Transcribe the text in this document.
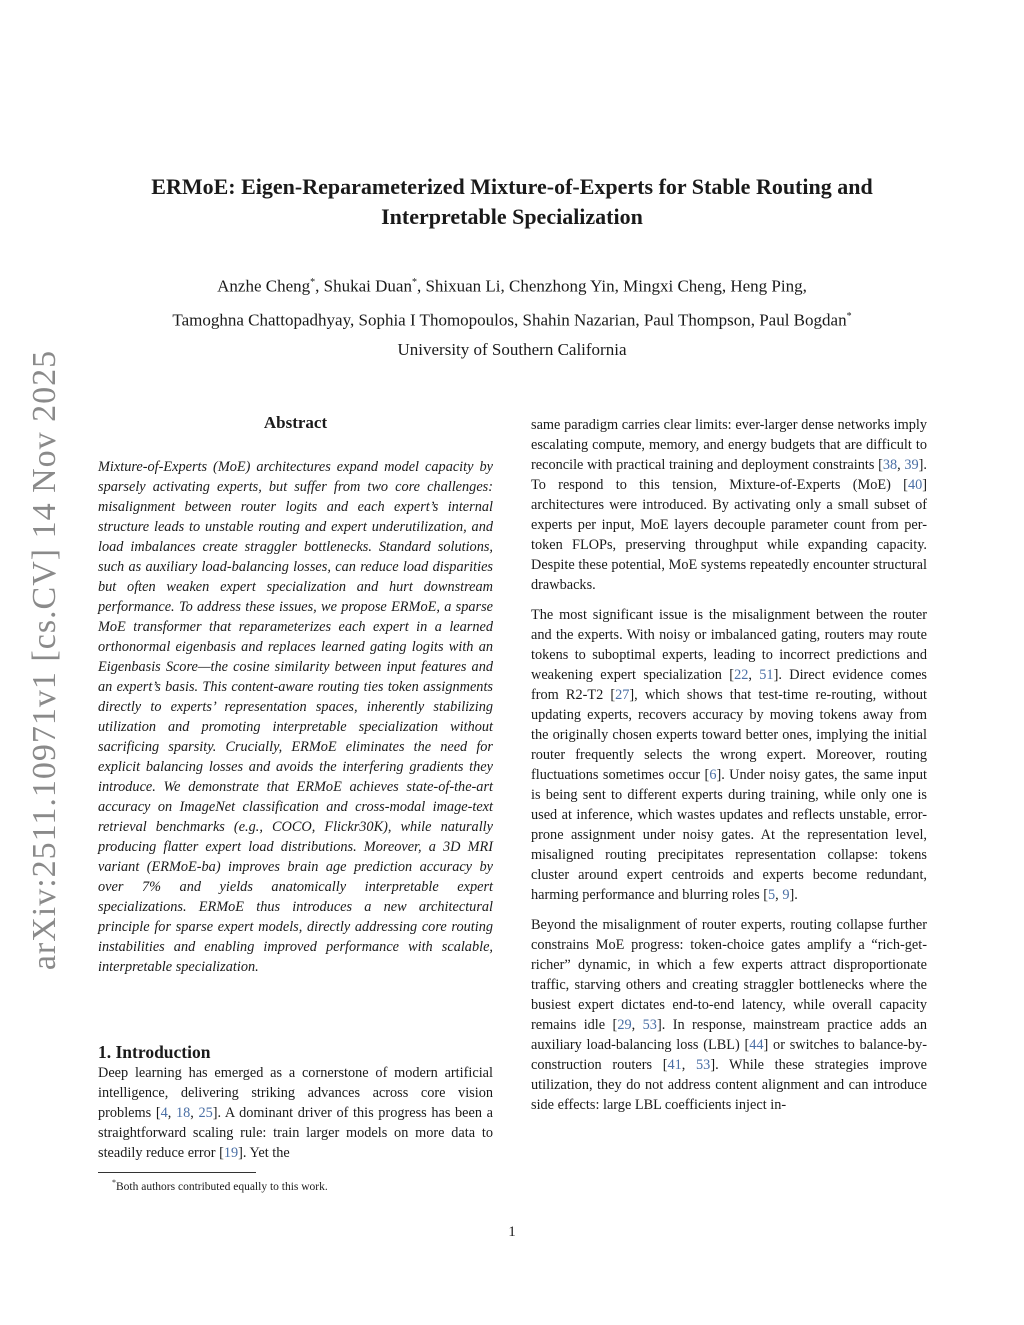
ERMoE: Eigen-Reparameterized Mixture-of-Experts for Stable Routing and
Interpretable Specialization
Anzhe Cheng*, Shukai Duan*, Shixuan Li, Chenzhong Yin, Mingxi Cheng, Heng Ping,
Tamoghna Chattopadhyay, Sophia I Thomopoulos, Shahin Nazarian, Paul Thompson, Paul Bogdan*
University of Southern California
arXiv:2511.10971v1 [cs.CV] 14 Nov 2025	Abstract
Mixture-of-Experts (MoE) architectures expand model capacity by sparsely activating experts, but suffer from two core challenges: misalignment between router logits and each expert’s internal structure leads to unstable routing and expert underutilization, and load imbalances create straggler bottlenecks. Standard solutions, such as auxiliary load-balancing losses, can reduce load disparities but often weaken expert specialization and hurt downstream performance. To address these issues, we propose ERMoE, a sparse MoE transformer that reparameterizes each expert in a learned orthonormal eigenbasis and replaces learned gating logits with an Eigenbasis Score—the cosine similarity between input features and an expert’s basis. This content-aware routing ties token assignments directly to experts’ representation spaces, inherently stabilizing utilization and promoting interpretable specialization without sacrificing sparsity. Crucially, ERMoE eliminates the need for explicit balancing losses and avoids the interfering gradients they introduce. We demonstrate that ERMoE achieves state-of-the-art accuracy on ImageNet classification and cross-modal image-text retrieval benchmarks (e.g., COCO, Flickr30K), while naturally producing flatter expert load distributions. Moreover, a 3D MRI variant (ERMoE-ba) improves brain age prediction accuracy by over 7% and yields anatomically interpretable expert specializations. ERMoE thus introduces a new architectural principle for sparse expert models, directly addressing core routing instabilities and enabling improved performance with scalable, interpretable specialization.
1. Introduction
Deep learning has emerged as a cornerstone of modern artificial intelligence, delivering striking advances across core vision problems [4, 18, 25]. A dominant driver of this progress has been a straightforward scaling rule: train larger models on more data to steadily reduce error [19]. Yet the
*Both authors contributed equally to this work.

same paradigm carries clear limits: ever-larger dense networks imply escalating compute, memory, and energy budgets that are difficult to reconcile with practical training and deployment constraints [38, 39]. To respond to this tension, Mixture-of-Experts (MoE) [40] architectures were introduced. By activating only a small subset of experts per input, MoE layers decouple parameter count from per-token FLOPs, preserving throughput while expanding capacity. Despite these potential, MoE systems repeatedly encounter structural drawbacks.

The most significant issue is the misalignment between the router and the experts. With noisy or imbalanced gating, routers may route tokens to suboptimal experts, leading to incorrect predictions and weakening expert specialization [22, 51]. Direct evidence comes from R2-T2 [27], which shows that test-time re-routing, without updating experts, recovers accuracy by moving tokens away from the originally chosen experts toward better ones, implying the initial router frequently selects the wrong expert. Moreover, routing fluctuations sometimes occur [6]. Under noisy gates, the same input is being sent to different experts during training, while only one is used at inference, which wastes updates and reflects unstable, error-prone assignment under noisy gates. At the representation level, misaligned routing precipitates representation collapse: tokens cluster around expert centroids and experts become redundant, harming performance and blurring roles [5, 9].

Beyond the misalignment of router experts, routing collapse further constrains MoE progress: token-choice gates amplify a “rich-get-richer” dynamic, in which a few experts attract disproportionate traffic, starving others and creating straggler bottlenecks where the busiest expert dictates end-to-end latency, while overall capacity remains idle [29, 53]. In response, mainstream practice adds an auxiliary load-balancing loss (LBL) [44] or switches to balance-by-construction routers [41, 53]. While these strategies improve utilization, they do not address content alignment and can introduce side effects: large LBL coefficients inject in-

1
